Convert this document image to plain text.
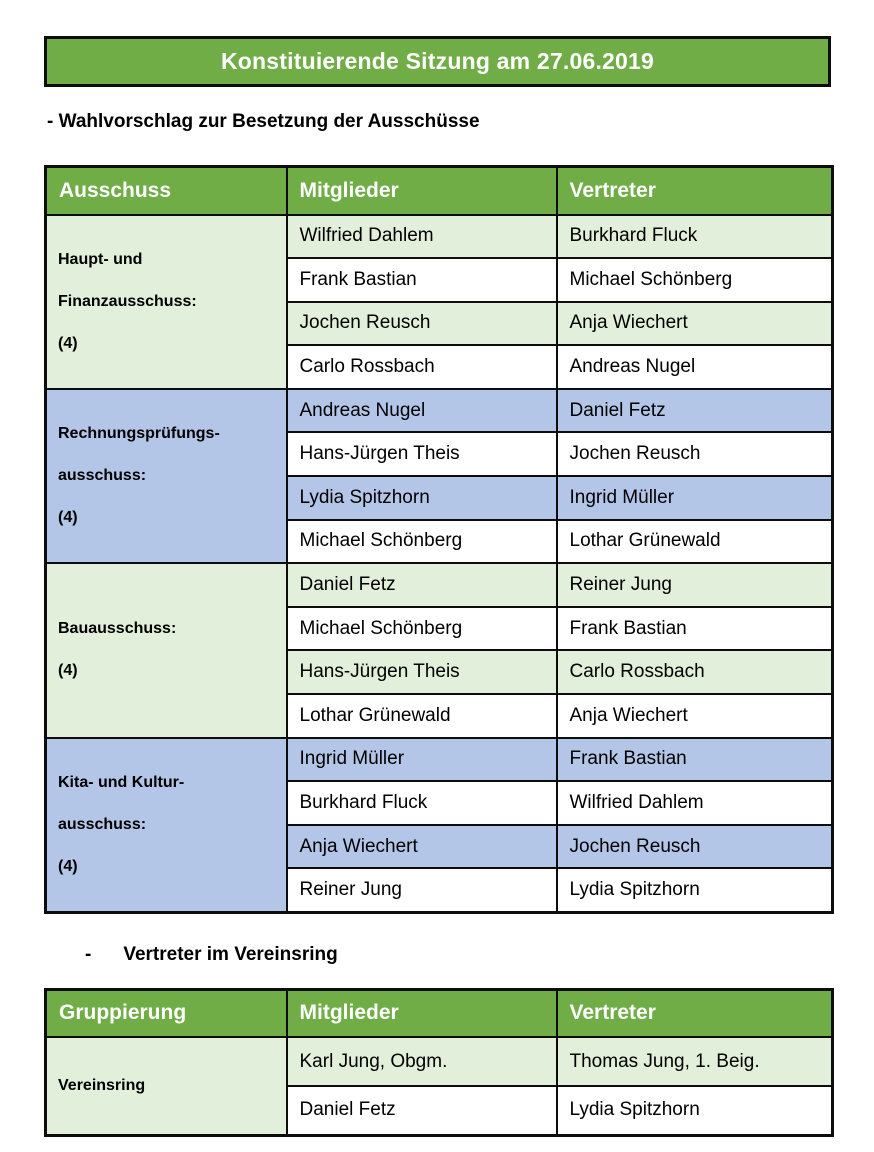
Konstituierende Sitzung am 27.06.2019
- Wahlvorschlag zur Besetzung der Ausschüsse
Ausschuss	Mitglieder	Vertreter

Haupt- und
Finanzausschuss:
(4)	Wilfried Dahlem	Burkhard Fluck
	Frank Bastian	Michael Schönberg
	Jochen Reusch	Anja Wiechert
	Carlo Rossbach	Andreas Nugel

Rechnungsprüfungs-
ausschuss:
(4)	Andreas Nugel	Daniel Fetz
	Hans-Jürgen Theis	Jochen Reusch
	Lydia Spitzhorn	Ingrid Müller
	Michael Schönberg	Lothar Grünewald

Bauausschuss:
(4)	Daniel Fetz	Reiner Jung
	Michael Schönberg	Frank Bastian
	Hans-Jürgen Theis	Carlo Rossbach
	Lothar Grünewald	Anja Wiechert

Kita- und Kultur-
ausschuss:
(4)	Ingrid Müller	Frank Bastian
	Burkhard Fluck	Wilfried Dahlem
	Anja Wiechert	Jochen Reusch
	Reiner Jung	Lydia Spitzhorn
- Vertreter im Vereinsring
Gruppierung	Mitglieder	Vertreter

Vereinsring	Karl Jung, Obgm.	Thomas Jung, 1. Beig.
	Daniel Fetz	Lydia Spitzhorn
